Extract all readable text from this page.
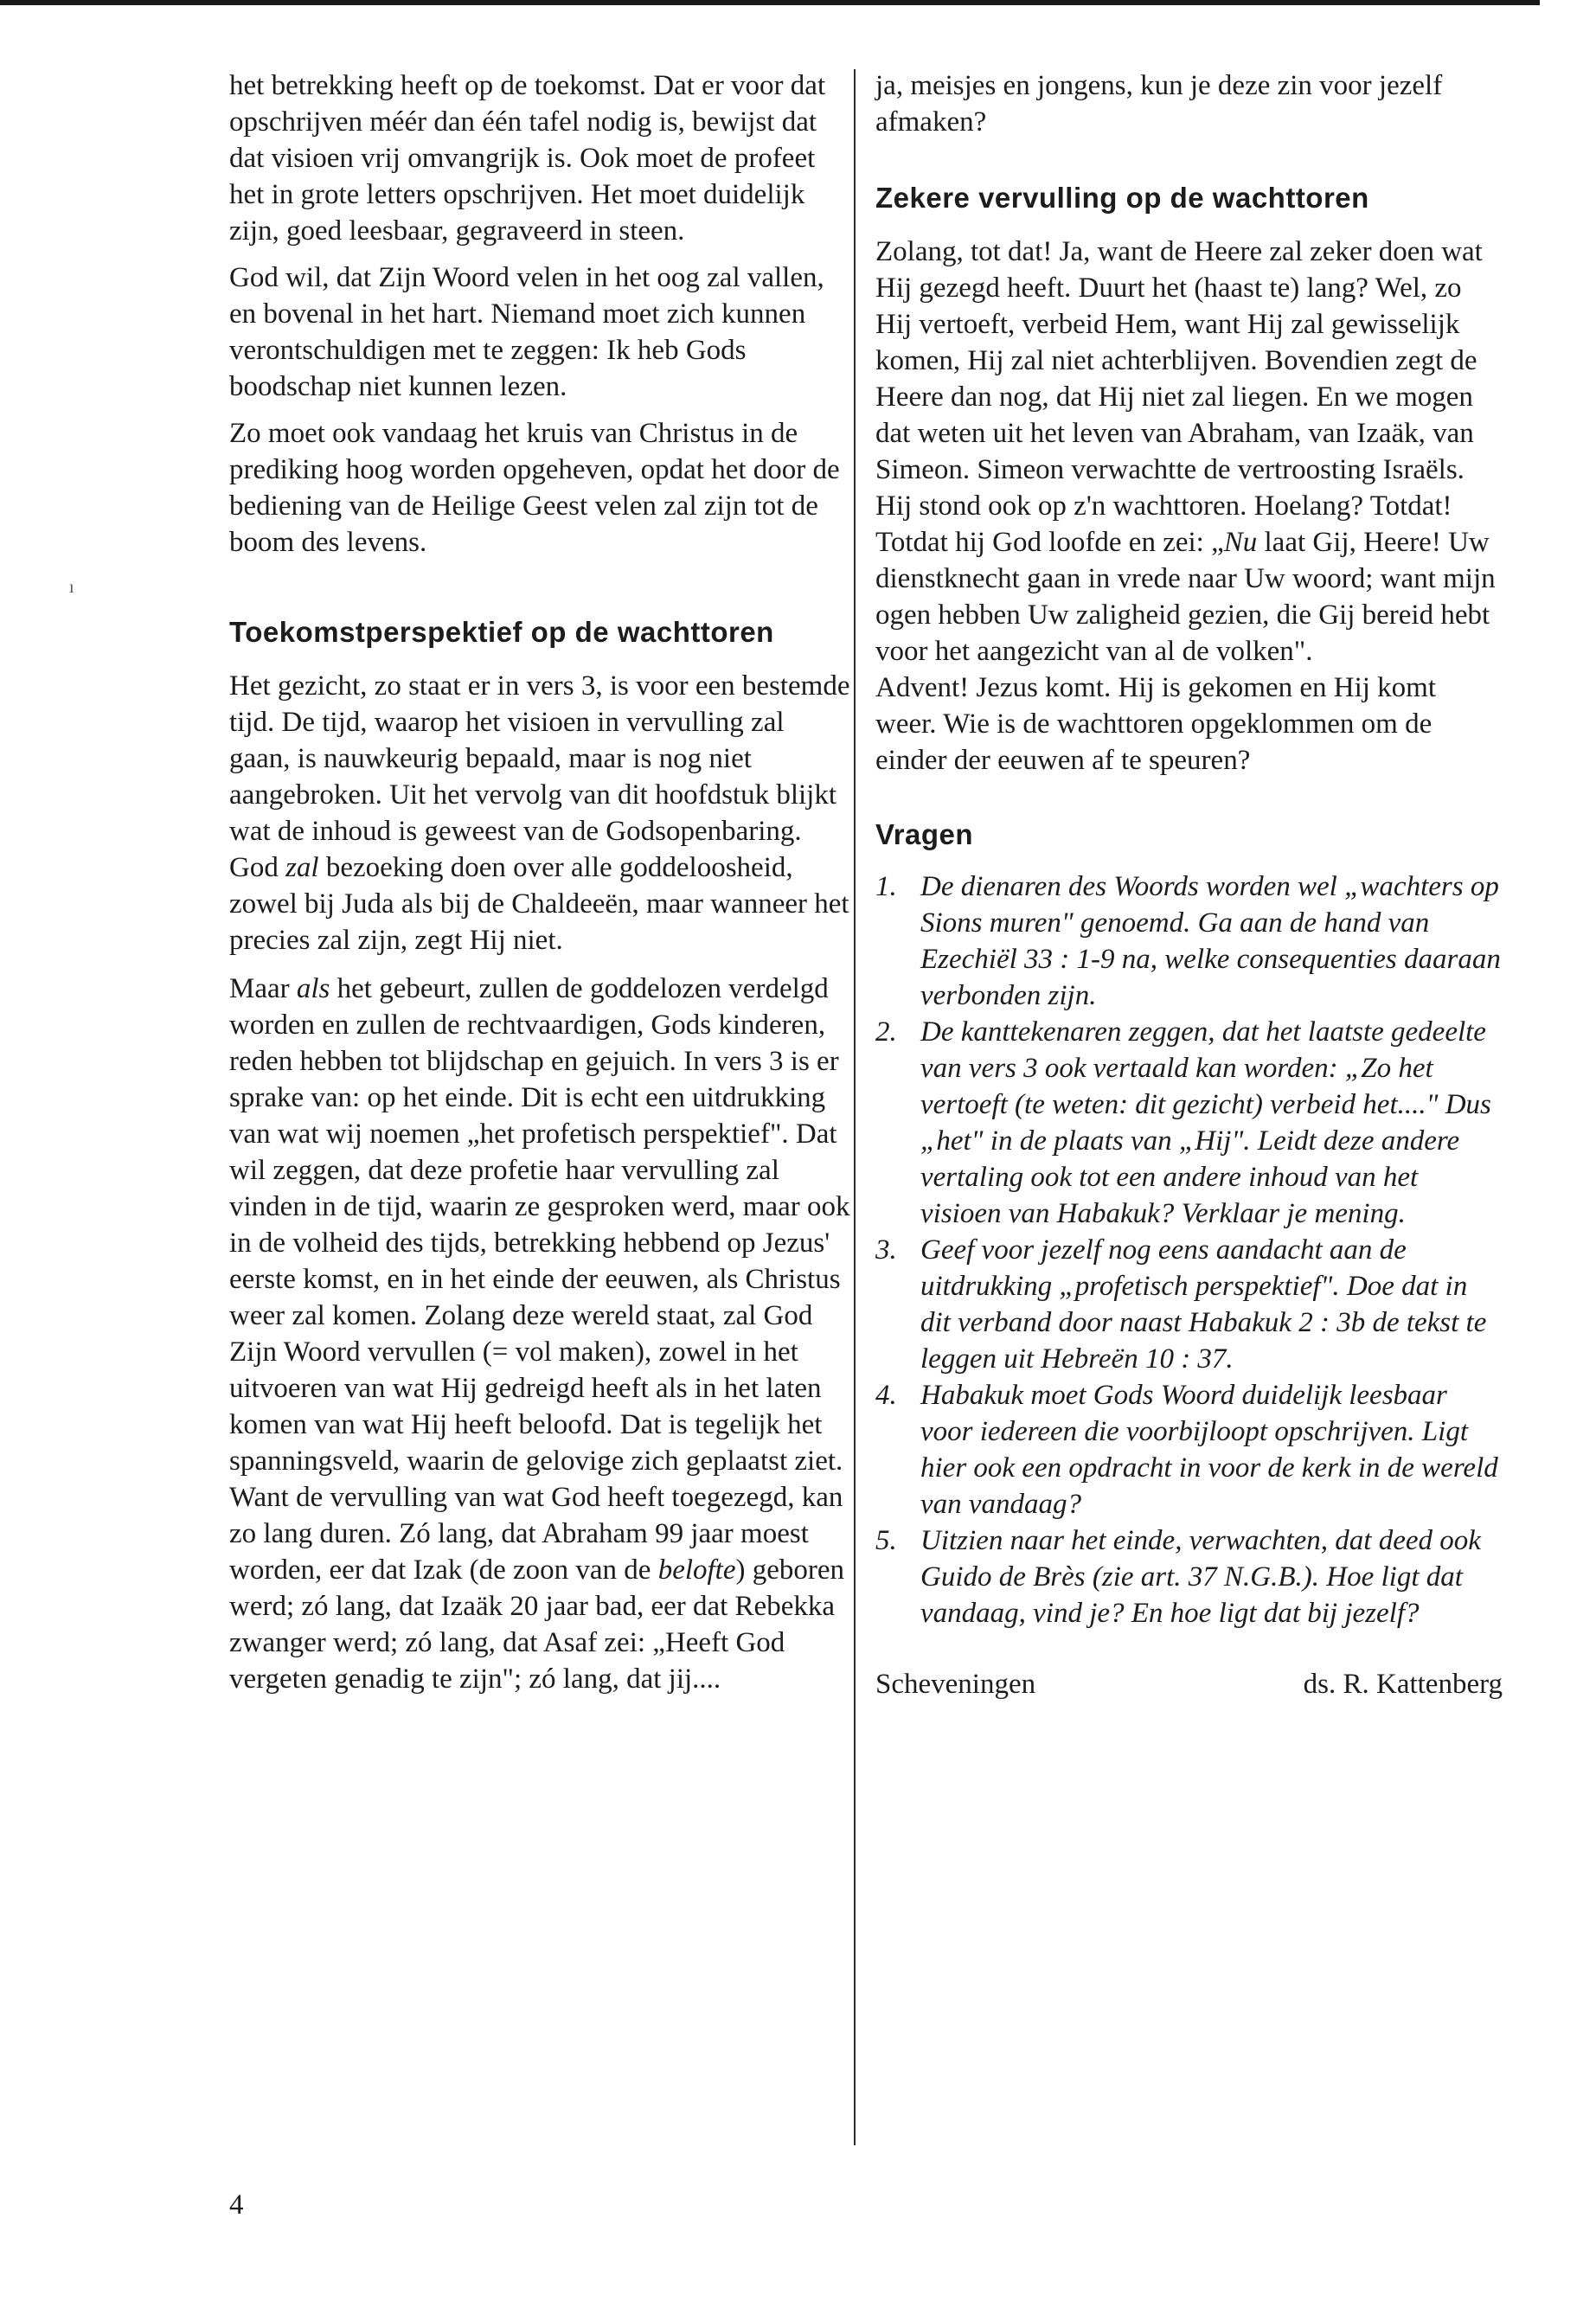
ı

het betrekking heeft op de toekomst. Dat er voor dat opschrijven méér dan één tafel nodig is, bewijst dat dat visioen vrij omvangrijk is. Ook moet de profeet het in grote letters opschrijven. Het moet duidelijk zijn, goed leesbaar, gegraveerd in steen.

God wil, dat Zijn Woord velen in het oog zal vallen, en bovenal in het hart. Niemand moet zich kunnen verontschuldigen met te zeggen: Ik heb Gods boodschap niet kunnen lezen.

Zo moet ook vandaag het kruis van Christus in de prediking hoog worden opgeheven, opdat het door de bediening van de Heilige Geest velen zal zijn tot de boom des levens.

Toekomstperspektief op de wachttoren

Het gezicht, zo staat er in vers 3, is voor een bestemde tijd. De tijd, waarop het visioen in vervulling zal gaan, is nauwkeurig bepaald, maar is nog niet aangebroken. Uit het vervolg van dit hoofdstuk blijkt wat de inhoud is geweest van de Godsopenbaring. God zal bezoeking doen over alle goddeloosheid, zowel bij Juda als bij de Chaldeeën, maar wanneer het precies zal zijn, zegt Hij niet.

Maar als het gebeurt, zullen de goddelozen verdelgd worden en zullen de rechtvaardigen, Gods kinderen, reden hebben tot blijdschap en gejuich. In vers 3 is er sprake van: op het einde. Dit is echt een uitdrukking van wat wij noemen „het profetisch perspektief". Dat wil zeggen, dat deze profetie haar vervulling zal vinden in de tijd, waarin ze gesproken werd, maar ook in de volheid des tijds, betrekking hebbend op Jezus' eerste komst, en in het einde der eeuwen, als Christus weer zal komen. Zolang deze wereld staat, zal God Zijn Woord vervullen (= vol maken), zowel in het uitvoeren van wat Hij gedreigd heeft als in het laten komen van wat Hij heeft beloofd. Dat is tegelijk het spanningsveld, waarin de gelovige zich geplaatst ziet. Want de vervulling van wat God heeft toegezegd, kan zo lang duren. Zó lang, dat Abraham 99 jaar moest worden, eer dat Izak (de zoon van de belofte) geboren werd; zó lang, dat Izaäk 20 jaar bad, eer dat Rebekka zwanger werd; zó lang, dat Asaf zei: „Heeft God vergeten genadig te zijn"; zó lang, dat jij....

ja, meisjes en jongens, kun je deze zin voor jezelf afmaken?

Zekere vervulling op de wachttoren

Zolang, tot dat! Ja, want de Heere zal zeker doen wat Hij gezegd heeft. Duurt het (haast te) lang? Wel, zo Hij vertoeft, verbeid Hem, want Hij zal gewisselijk komen, Hij zal niet achterblijven. Bovendien zegt de Heere dan nog, dat Hij niet zal liegen. En we mogen dat weten uit het leven van Abraham, van Izaäk, van Simeon. Simeon verwachtte de vertroosting Israëls. Hij stond ook op z'n wachttoren. Hoelang? Totdat! Totdat hij God loofde en zei: „Nu laat Gij, Heere! Uw dienstknecht gaan in vrede naar Uw woord; want mijn ogen hebben Uw zaligheid gezien, die Gij bereid hebt voor het aangezicht van al de volken".

Advent! Jezus komt. Hij is gekomen en Hij komt weer. Wie is de wachttoren opgeklommen om de einder der eeuwen af te speuren?

Vragen
1. De dienaren des Woords worden wel „wachters op Sions muren" genoemd. Ga aan de hand van Ezechiël 33 : 1-9 na, welke consequenties daaraan verbonden zijn.
2. De kanttekenaren zeggen, dat het laatste gedeelte van vers 3 ook vertaald kan worden: „Zo het vertoeft (te weten: dit gezicht) verbeid het...." Dus „het" in de plaats van „Hij". Leidt deze andere vertaling ook tot een andere inhoud van het visioen van Habakuk? Verklaar je mening.
3. Geef voor jezelf nog eens aandacht aan de uitdrukking „profetisch perspektief". Doe dat in dit verband door naast Habakuk 2 : 3b de tekst te leggen uit Hebreën 10 : 37.
4. Habakuk moet Gods Woord duidelijk leesbaar voor iedereen die voorbijloopt opschrijven. Ligt hier ook een opdracht in voor de kerk in de wereld van vandaag?
5. Uitzien naar het einde, verwachten, dat deed ook Guido de Brès (zie art. 37 N.G.B.). Hoe ligt dat vandaag, vind je? En hoe ligt dat bij jezelf?
Scheveningen	ds. R. Kattenberg
4
